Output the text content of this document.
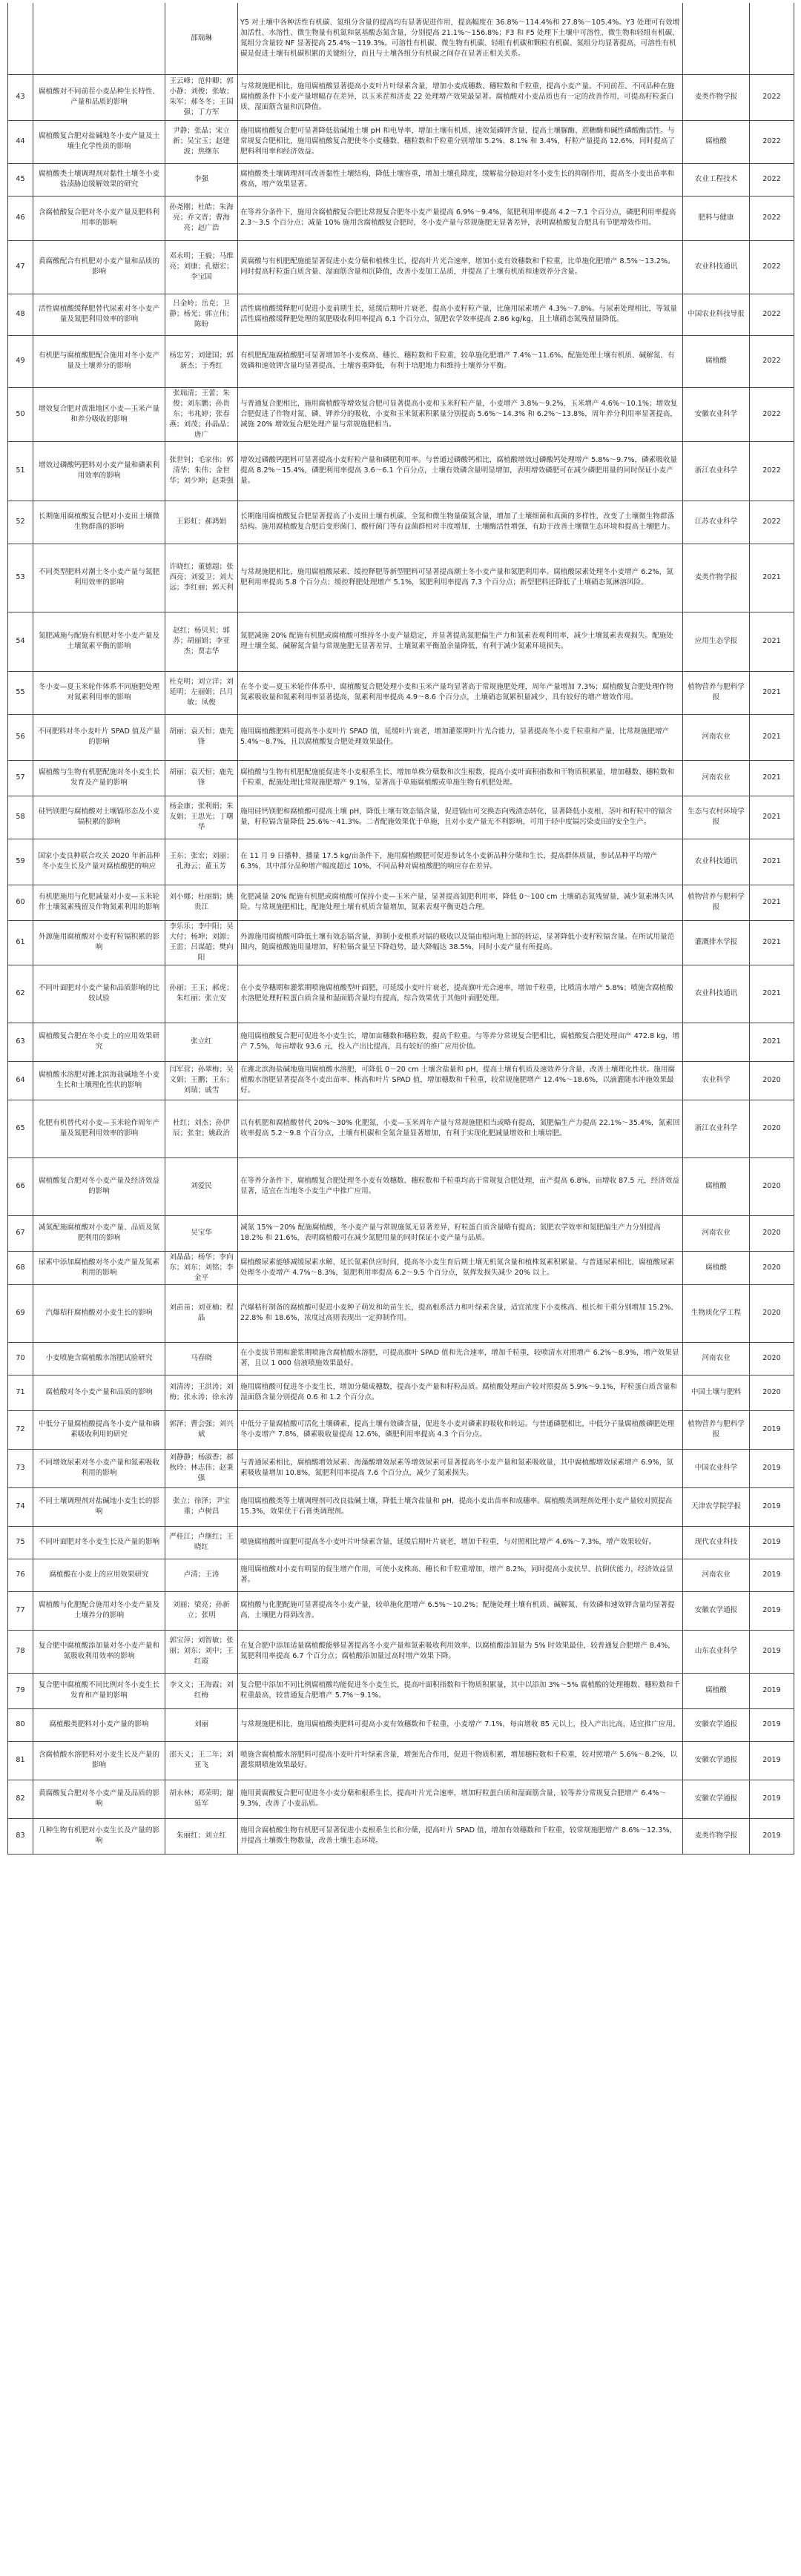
		邵瑞琳	Y5 对土壤中各种活性有机碳、氮组分含量的提高均有显著促进作用，提高幅度在 36.8%～114.4%和 27.8%～105.4%。Y3 处理可有效增加活性、水溶性、微生物量有机氮和氨基酸态氮含量，分别提高 21.1%～156.8%；F3 和 F5 处理下土壤中可溶性、微生物和轻组有机碳、氮组分含量较 NF 显著提高 25.4%～119.3%。可溶性有机碳、微生物有机碳、轻组有机碳和颗粒有机碳、氮组分均显著提高，可溶性有机碳是促进土壤有机碳积累的关键组分，而且与土壤各组分有机碳之间存在显著正相关关系。		
43	腐植酸对不同前茬小麦品种生长特性、产量和品质的影响	王云峰；范仲卿；郭小静；刘俊；张敏；朱军；郝冬冬；王国强；丁方军	与常规施肥相比，施用腐植酸显著提高小麦叶片叶绿素含量，增加小麦成穗数、穗粒数和千粒重，提高小麦产量。不同前茬、不同品种在施腐植酸条件下小麦产量增幅存在差异，以玉米茬和济麦 22 处理增产效果最显著。腐植酸对小麦品质也有一定的改善作用，可提高籽粒蛋白质、湿面筋含量和沉降值。	麦类作物学报	2022
44	腐植酸复合肥对盐碱地冬小麦产量及土壤生化学性质的影响	尹静；张晶；宋立新；吴宝玉；赵建波；焦继东	施用腐植酸复合肥可显著降低盐碱地土壤 pH 和电导率，增加土壤有机质、速效氮磷钾含量，提高土壤脲酶、蔗糖酶和碱性磷酸酶活性。与常规复合肥相比，施用腐植酸复合肥使冬小麦穗数、穗粒数和千粒重分别增加 5.2%、8.1% 和 3.4%，籽粒产量提高 12.6%，同时提高了肥料利用率和经济效益。	腐植酸	2022
45	腐植酸类土壤调理剂对黏性土壤冬小麦盐渍胁迫缓解效果的研究	李强	腐植酸类土壤调理剂可改善黏性土壤结构，降低土壤容重，增加土壤孔隙度，缓解盐分胁迫对冬小麦生长的抑制作用，提高冬小麦出苗率和株高，增产效果显著。	农业工程技术	2022
46	含腐植酸复合肥对冬小麦产量及肥料利用率的影响	孙尧刚；杜皓；朱海亮；乔文晋；曹海亮；赵广浩	在等养分条件下，施用含腐植酸复合肥比常规复合肥冬小麦产量提高 6.9%～9.4%，氮肥利用率提高 4.2～7.1 个百分点，磷肥利用率提高 2.3～3.5 个百分点；减量 10% 施用含腐植酸复合肥时，冬小麦产量与常规施肥无显著差异，表明腐植酸复合肥具有节肥增效作用。	肥料与健康	2022
47	黄腐酸配合有机肥对小麦产量和品质的影响	邓永明；王毅；马维亮；刘康；孔德宏；李宝国	黄腐酸与有机肥配施能显著促进小麦分蘖和植株生长，提高叶片光合速率，增加小麦有效穗数和千粒重，比单施化肥增产 8.5%～13.2%。同时提高籽粒蛋白质含量、湿面筋含量和沉降值，改善小麦加工品质，并提高了土壤有机质和速效养分含量。	农业科技通讯	2022
48	活性腐植酸缓释肥替代尿素对冬小麦产量及氮肥利用效率的影响	吕金岭；岳克；卫静；杨光；郭立伟；陈盼	活性腐植酸缓释肥可促进小麦前期生长，延缓后期叶片衰老，提高小麦籽粒产量，比施用尿素增产 4.3%～7.8%。与尿素处理相比，等氮量活性腐植酸缓释肥处理的氮肥吸收利用率提高 6.1 个百分点，氮肥农学效率提高 2.86 kg/kg，且土壤硝态氮残留量降低。	中国农业科技导报	2022
49	有机肥与腐植酸肥配合施用对冬小麦产量及土壤养分的影响	杨忠芳；刘建国；郭新杰；于秀红	有机肥配施腐植酸肥可显著增加冬小麦株高、穗长、穗粒数和千粒重，较单施化肥增产 7.4%～11.6%。配施处理土壤有机质、碱解氮、有效磷和速效钾含量均显著提高，土壤容重降低，有利于培肥地力和维持土壤养分平衡。	腐植酸	2022
50	增效复合肥对黄淮地区小麦—玉米产量和养分吸收的影响	张瑞清；王蕾；朱俊；刘东鹏；孙贵东；韦兆婷；张春燕；刘茂；孙晶晶；唐广	与普通复合肥相比，施用腐植酸等增效复合肥可显著提高小麦和玉米籽粒产量，小麦增产 3.8%～9.2%，玉米增产 4.6%～10.1%；增效复合肥促进了作物对氮、磷、钾养分的吸收，小麦和玉米氮素积累量分别提高 5.6%～14.3% 和 6.2%～13.8%，周年养分利用率显著提高，减施 20% 增效复合肥处理产量与常规施肥相当。	安徽农业科学	2022
51	增效过磷酸钙肥料对小麦产量和磷素利用效率的影响	张世钊；毛家伟；郭清华；朱伟；金世华；刘少坤；赵秉强	增效过磷酸钙肥料可显著提高小麦籽粒产量和磷肥利用率。与普通过磷酸钙相比，腐植酸增效过磷酸钙处理增产 5.8%～9.7%，磷素吸收量提高 8.2%～15.4%，磷肥利用率提高 3.6～6.1 个百分点，土壤有效磷含量明显增加，表明增效磷肥可在减少磷肥用量的同时保证小麦产量。	浙江农业科学	2022
52	长期施用腐植酸复合肥对小麦田土壤微生物群落的影响	王彩虹；郝鸿娟	长期施用腐植酸复合肥显著提高了小麦田土壤有机碳、全氮和微生物量碳氮含量，增加了土壤细菌和真菌的多样性，改变了土壤微生物群落结构。施用腐植酸复合肥后变形菌门、酸杆菌门等有益菌群相对丰度增加，土壤酶活性增强，有助于改善土壤微生态环境和提高土壤肥力。	江苏农业科学	2022
53	不同类型肥料对潮土冬小麦产量与氮肥利用效率的影响	许晓红；董德超；张西亮；刘爱卫；刘大远；李红丽；郭天利	与常规施肥相比，施用腐植酸尿素、缓控释肥等新型肥料可显著提高潮土冬小麦产量和氮肥利用率。腐植酸尿素处理冬小麦增产 6.2%，氮肥利用率提高 5.8 个百分点；缓控释肥处理增产 5.1%，氮肥利用率提高 7.3 个百分点；新型肥料还降低了土壤硝态氮淋溶风险。	麦类作物学报	2021
54	氮肥减施与配施有机肥对冬小麦产量及土壤氮素平衡的影响	赵红；杨贝贝；郭苏；胡丽娟；李亚杰；贾志华	氮肥减施 20% 配施有机肥或腐植酸可维持冬小麦产量稳定，并显著提高氮肥偏生产力和氮素表观利用率，减少土壤氮素表观损失。配施处理土壤全氮、碱解氮含量与常规施肥无显著差异，土壤氮素平衡盈余量降低，有利于减少氮素环境损失。	应用生态学报	2021
55	冬小麦—夏玉米轮作体系不同施肥处理对氮素利用率的影响	杜克明；刘立洋；刘延明；左丽娟；吕月敏；凤俊	在冬小麦—夏玉米轮作体系中，腐植酸复合肥处理小麦和玉米产量均显著高于常规施肥处理，周年产量增加 7.3%；腐植酸复合肥处理作物氮素吸收量和氮素利用率显著提高，氮素利用率提高 4.9～8.6 个百分点，土壤硝态氮累积量减少，具有较好的增产增效作用。	植物营养与肥料学报	2021
56	不同肥料对冬小麦叶片 SPAD 值及产量的影响	胡丽；袁天恒；鹿先锋	施用腐植酸肥料可提高冬小麦叶片 SPAD 值，延缓叶片衰老，增加灌浆期叶片光合能力，显著提高冬小麦千粒重和产量，比常规施肥增产 5.4%～8.7%，且以腐植酸复合肥处理效果最佳。	河南农业	2021
57	腐植酸与生物有机肥配施对冬小麦生长发育及产量的影响	胡丽；袁天恒；鹿先锋	腐植酸与生物有机肥配施能促进冬小麦根系生长，增加单株分蘖数和次生根数，提高小麦叶面积指数和干物质积累量，增加穗数、穗粒数和千粒重，配施处理比常规施肥增产 9.1%，显著高于单施腐植酸或单施生物有机肥处理。	河南农业	2021
58	硅钙镁肥与腐植酸对土壤镉形态及小麦镉积累的影响	杨金康；张利娟；朱友娟；王思光；丁曙华	施用硅钙镁肥和腐植酸可提高土壤 pH，降低土壤有效态镉含量，促进镉由可交换态向残渣态转化，显著降低小麦根、茎叶和籽粒中的镉含量，籽粒镉含量降低 25.6%～41.3%。二者配施效果优于单施，且对小麦产量无不利影响，可用于轻中度镉污染麦田的安全生产。	生态与农村环境学报	2021
59	国家小麦良种联合攻关 2020 年新品种冬小麦生长及产量对腐植酸肥的响应	王东；张宏；刘丽；孔海云；董玉芳	在 11 月 9 日播种、播量 17.5 kg/亩条件下，施用腐植酸肥可促进参试冬小麦新品种分蘖和生长，提高群体质量，参试品种平均增产 6.3%，其中部分品种增产幅度超过 10%，不同品种对腐植酸肥的响应存在差异。	农业科技通讯	2021
60	有机肥施用与化肥减量对小麦—玉米轮作土壤氮素残留及作物氮素利用的影响	刘小娜；杜丽娟；姚贵江	化肥减量 20% 配施有机肥或腐植酸可保持小麦—玉米产量，显著提高氮肥利用率，降低 0～100 cm 土壤硝态氮残留量，减少氮素淋失风险。与常规施肥相比，配施处理土壤有机质含量增加，氮素表观平衡更趋合理。	植物营养与肥料学报	2021
61	外源施用腐植酸对小麦籽粒镉积累的影响	李乐乐；李中阳；吴大付；杨坤；刘源；王雷；吕谋超；樊向阳	外源施用腐植酸可降低土壤有效态镉含量，抑制小麦根系对镉的吸收以及镉由根向地上部的转运，显著降低小麦籽粒镉含量。在所试用量范围内，随腐植酸施用量增加，籽粒镉含量呈下降趋势，最大降幅达 38.5%，同时小麦产量有所提高。	灌溉排水学报	2021
62	不同叶面肥对小麦产量和品质影响的比较试验	孙丽；王玉；郝虎；朱红丽；张立安	在小麦孕穗期和灌浆期喷施腐植酸型叶面肥，可延缓小麦叶片衰老，提高旗叶光合速率，增加千粒重，比喷清水增产 5.8%；喷施含腐植酸水溶肥处理籽粒蛋白质含量和湿面筋含量均有提高，综合效果优于其他叶面肥处理。	农业科技通讯	2021
63	腐植酸复合肥在冬小麦上的应用效果研究	张立红	施用腐植酸复合肥可促进冬小麦生长，增加亩穗数和穗粒数，提高千粒重。与等养分常规复合肥相比，腐植酸复合肥处理亩产 472.8 kg，增产 7.5%，每亩增收 93.6 元，投入产出比提高，具有较好的推广应用价值。		2021
64	腐植酸水溶肥对潍北滨海盐碱地冬小麦生长和土壤理化性状的影响	闫军营；孙翠梅；吴文娟；王鹏；王东；刘瑞；戚雪	在潍北滨海盐碱地施用腐植酸水溶肥，可降低 0～20 cm 土壤含盐量和 pH，提高土壤有机质及速效养分含量，改善土壤理化性状。施用腐植酸水溶肥显著提高冬小麦出苗率、株高和叶片 SPAD 值，增加穗数和千粒重，较常规施肥增产 12.4%～18.6%，以滴灌随水冲施效果最好。	农业科学	2020
65	化肥有机替代对小麦—玉米轮作周年产量及氮肥利用效率的影响	杜红；刘杰；孙伊辰；张奎；姚政治	以有机肥和腐植酸替代 20%～30% 化肥氮，小麦—玉米周年产量与常规施肥相当或略有提高，氮肥偏生产力提高 22.1%～35.4%，氮素回收率提高 5.2～9.8 个百分点，土壤有机碳和全氮含量显著增加，有利于实现化肥减量增效和土壤培肥。	浙江农业科学	2020
66	腐植酸复合肥对冬小麦产量及经济效益的影响	刘爱民	在等养分条件下，腐植酸复合肥处理冬小麦有效穗数、穗粒数和千粒重均高于常规复合肥处理，亩产提高 6.8%，亩增收 87.5 元，经济效益显著，适宜在当地冬小麦生产中推广应用。	腐植酸	2020
67	减氮配施腐植酸对小麦产量、品质及氮肥利用的影响	吴宝华	减氮 15%～20% 配施腐植酸，冬小麦产量与常规施氮无显著差异，籽粒蛋白质含量略有提高；氮肥农学效率和氮肥偏生产力分别提高 18.2% 和 21.6%，表明腐植酸可在减少氮肥用量的同时保证小麦产量与品质。	河南农业	2020
68	尿素中添加腐植酸对冬小麦产量及氮素利用的影响	刘晶晶；杨华；李向东；刘东；刘铭；李金平	腐植酸尿素能够减缓尿素水解，延长氮素供应时间，提高冬小麦生育后期土壤无机氮含量和植株氮素积累量。与普通尿素相比，腐植酸尿素处理冬小麦增产 4.7%～8.3%，氮肥利用率提高 6.2～9.5 个百分点，氨挥发损失减少 20% 以上。	腐植酸	2020
69	汽爆秸秆腐植酸对小麦生长的影响	刘苗苗；刘亚楠；程晶	汽爆秸秆制备的腐植酸可促进小麦种子萌发和幼苗生长，提高根系活力和叶绿素含量，适宜浓度下小麦株高、根长和干重分别增加 15.2%、22.8% 和 18.6%，浓度过高则表现出一定抑制作用。	生物质化学工程	2020
70	小麦喷施含腐植酸水溶肥试验研究	马春晓	在小麦拔节期和灌浆期喷施含腐植酸水溶肥，可提高旗叶 SPAD 值和光合速率，增加千粒重，较喷清水对照增产 6.2%～8.9%，增产效果显著，且以 1 000 倍液喷施效果最好。	河南农业	2020
71	腐植酸对冬小麦产量和品质的影响	刘清涛；王洪涛；刘梅；张永涛；徐永涛	施用腐植酸可促进冬小麦生长，增加分蘖成穗数，提高小麦产量和籽粒品质。腐植酸处理亩产较对照提高 5.9%～9.1%，籽粒蛋白质含量和湿面筋含量分别提高 0.6 和 1.2 个百分点。	中国土壤与肥料	2020
72	中低分子量腐植酸提高冬小麦产量和磷素吸收利用的研究	郭泽；曹会强；刘兴斌	中低分子量腐植酸可活化土壤磷素，提高土壤有效磷含量，促进冬小麦对磷素的吸收和转运。与普通磷肥相比，中低分子量腐植酸磷肥处理冬小麦增产 7.8%，磷素吸收量提高 12.6%，磷肥利用率提高 4.3 个百分点。	植物营养与肥料学报	2019
73	不同增效尿素对冬小麦产量和氮素吸收利用的影响	刘静静；杨淑香；郝秋玲；林志伟；赵秉强	与普通尿素相比，腐植酸增效尿素、海藻酸增效尿素等增效尿素可显著提高冬小麦产量和氮素吸收量，其中腐植酸增效尿素增产 6.9%，氮素吸收量增加 10.8%，氮肥利用率提高 7.6 个百分点，减少了氮素损失。	中国农业科学	2019
74	不同土壤调理剂对盐碱地小麦生长的影响	张立；徐泽；尹宝重；卢树昌	施用腐植酸类等土壤调理剂可改良盐碱土壤，降低土壤含盐量和 pH，提高小麦出苗率和成穗率。腐植酸类调理剂处理小麦产量较对照提高 15.3%，效果优于石膏类调理剂。	天津农学院学报	2019
75	不同叶面肥对冬小麦生长及产量的影响	严桂江；卢继红；王晓红	喷施腐植酸叶面肥可提高冬小麦叶片叶绿素含量，延缓后期叶片衰老，增加千粒重，与对照相比增产 4.6%～7.3%，增产效果较好。	现代农业科技	2019
76	腐植酸在小麦上的应用效果研究	卢清；王涛	施用腐植酸对小麦有明显的促生增产作用，可使小麦株高、穗长和千粒重增加，增产 8.2%，同时提高小麦抗旱、抗倒伏能力，经济效益显著。	河南农业	2019
77	腐植酸与化肥配合施用对冬小麦产量及土壤养分的影响	刘丽；梁亮；孙新立；张明	腐植酸与化肥配施可显著提高冬小麦产量，较单施化肥增产 6.5%～10.2%；配施处理土壤有机质、碱解氮、有效磷和速效钾含量均显著提高，土壤肥力得到改善。	安徽农学通报	2019
78	复合肥中腐植酸添加量对冬小麦产量和氮吸收利用效率的影响	郭宝萍；刘智敏；张丽；刘东；刘中；王红霞	在复合肥中添加适量腐植酸能够显著提高冬小麦产量和氮素吸收利用效率，以腐植酸添加量为 5% 时效果最佳，较普通复合肥增产 8.4%，氮肥利用率提高 6.7 个百分点；腐植酸添加量过高时增产效果下降。	山东农业科学	2019
79	复合肥中腐植酸不同比例对冬小麦生长发育和产量的影响	李文文；王海霞；刘红梅	复合肥中添加不同比例腐植酸均能促进冬小麦生长，提高叶面积指数和干物质积累量，其中以添加 3%～5% 腐植酸的处理穗数、穗粒数和千粒重最高，较普通复合肥增产 5.7%～9.1%。	腐植酸	2019
80	腐植酸类肥料对小麦产量的影响	刘丽	与常规施肥相比，施用腐植酸类肥料可提高小麦有效穗数和千粒重，小麦增产 7.1%，每亩增收 85 元以上，投入产出比高，适宜推广应用。	安徽农学通报	2019
81	含腐植酸水溶肥料对小麦生长及产量的影响	邵天义；王二年；刘亚飞	喷施含腐植酸水溶肥料可提高小麦叶片叶绿素含量，增强光合作用，促进干物质积累，增加穗粒数和千粒重，较对照增产 5.6%～8.2%，以灌浆期喷施效果最好。	安徽农学通报	2019
82	黄腐酸复合肥对冬小麦产量及品质的影响	胡永林；邓荣明；谢延军	施用黄腐酸复合肥可促进冬小麦分蘖和根系生长，提高叶片光合速率，增加籽粒蛋白质和湿面筋含量，较等养分常规复合肥增产 6.4%～9.3%，改善了小麦品质。	安徽农学通报	2019
83	几种生物有机肥对小麦生长及产量的影响	朱丽红；刘立红	施用含腐植酸生物有机肥可显著促进小麦根系生长和分蘖，提高叶片 SPAD 值，增加有效穗数和千粒重，较常规施肥增产 8.6%～12.3%，并提高土壤微生物数量，改善土壤生态环境。	麦类作物学报	2019
